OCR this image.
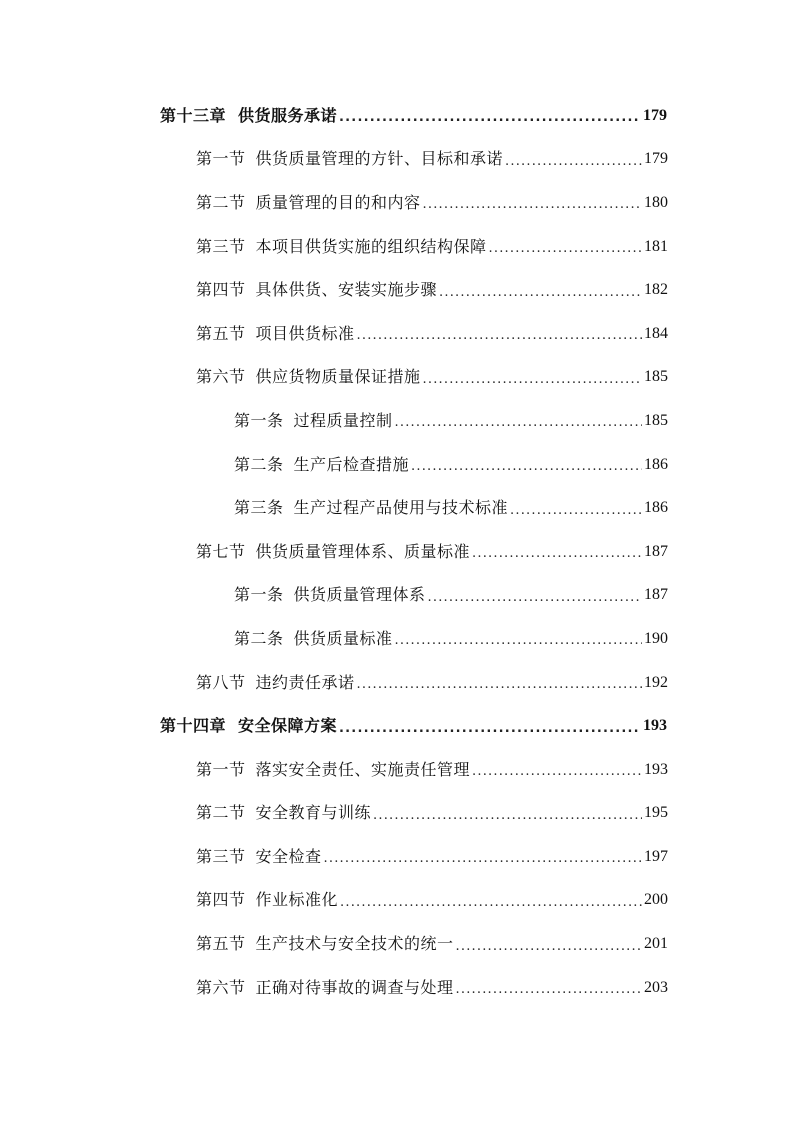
第十三章 供货服务承诺 .....	179
第一节 供货质量管理的方针、目标和承诺 .....	179
第二节 质量管理的目的和内容 .....	180
第三节 本项目供货实施的组织结构保障 .....	181
第四节 具体供货、安装实施步骤 .....	182
第五节 项目供货标准 .....	184
第六节 供应货物质量保证措施 .....	185
第一条 过程质量控制 .....	185
第二条 生产后检查措施 .....	186
第三条 生产过程产品使用与技术标准 .....	186
第七节 供货质量管理体系、质量标准 .....	187
第一条 供货质量管理体系 .....	187
第二条 供货质量标准 .....	190
第八节 违约责任承诺 .....	192
第十四章 安全保障方案 .....	193
第一节 落实安全责任、实施责任管理 .....	193
第二节 安全教育与训练 .....	195
第三节 安全检查 .....	197
第四节 作业标准化 .....	200
第五节 生产技术与安全技术的统一 .....	201
第六节 正确对待事故的调查与处理 .....	203
